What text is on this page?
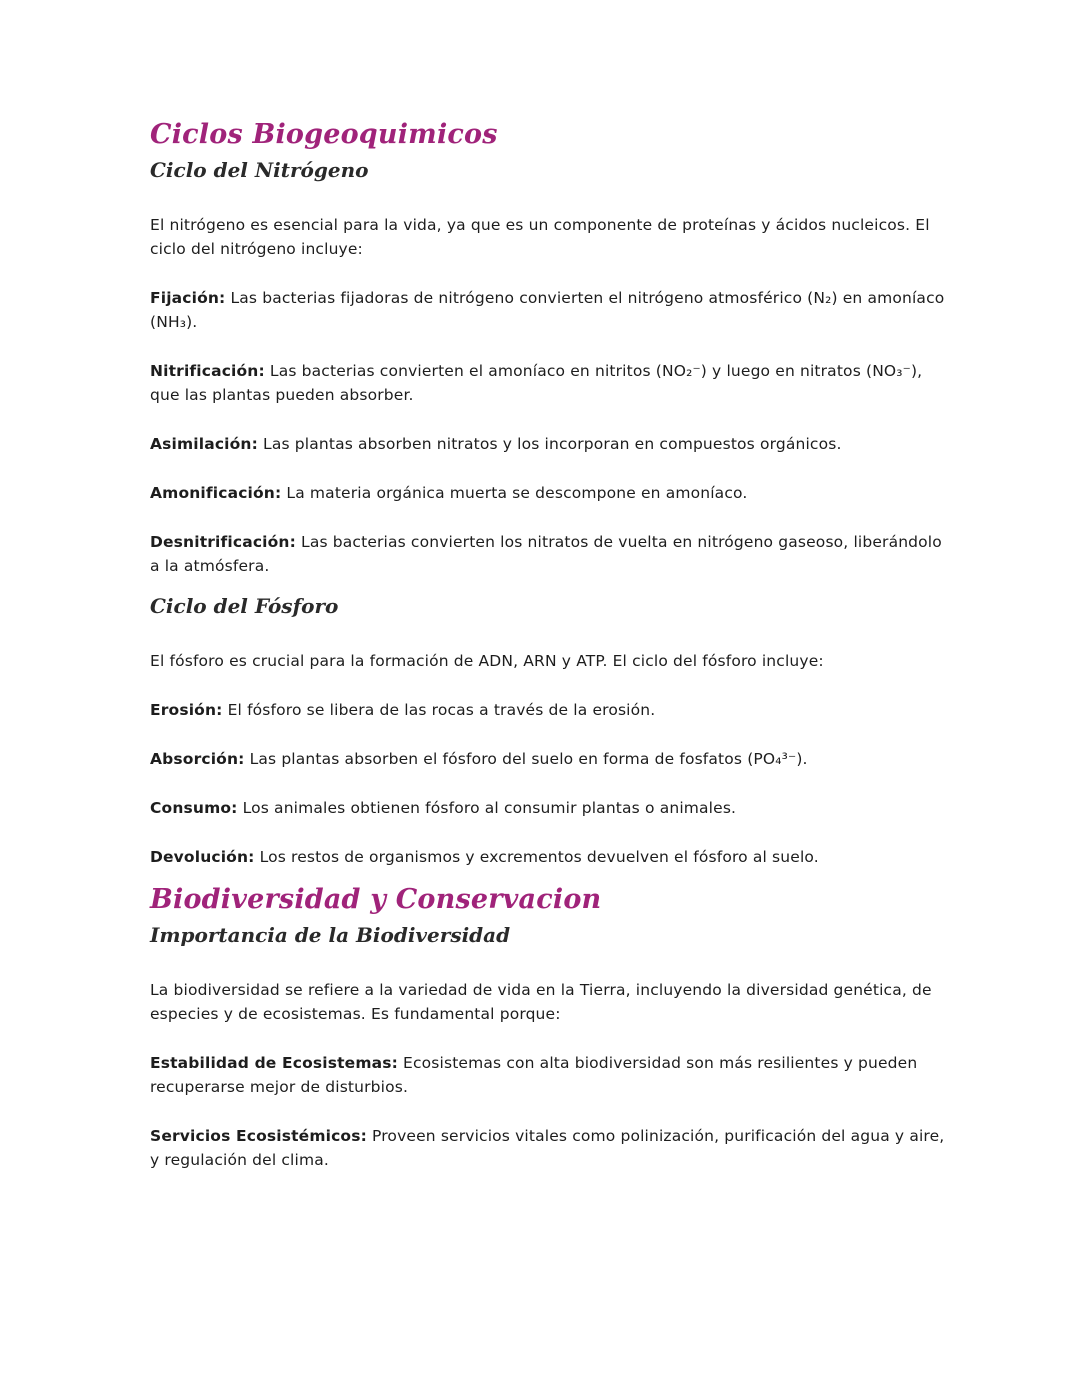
Ciclos Biogeoquimicos
Ciclo del Nitrógeno

El nitrógeno es esencial para la vida, ya que es un componente de proteínas y ácidos nucleicos. El ciclo del nitrógeno incluye:

Fijación: Las bacterias fijadoras de nitrógeno convierten el nitrógeno atmosférico (N₂) en amoníaco (NH₃).

Nitrificación: Las bacterias convierten el amoníaco en nitritos (NO₂⁻) y luego en nitratos (NO₃⁻), que las plantas pueden absorber.

Asimilación: Las plantas absorben nitratos y los incorporan en compuestos orgánicos.

Amonificación: La materia orgánica muerta se descompone en amoníaco.

Desnitrificación: Las bacterias convierten los nitratos de vuelta en nitrógeno gaseoso, liberándolo a la atmósfera.

Ciclo del Fósforo

El fósforo es crucial para la formación de ADN, ARN y ATP. El ciclo del fósforo incluye:

Erosión: El fósforo se libera de las rocas a través de la erosión.

Absorción: Las plantas absorben el fósforo del suelo en forma de fosfatos (PO₄³⁻).

Consumo: Los animales obtienen fósforo al consumir plantas o animales.

Devolución: Los restos de organismos y excrementos devuelven el fósforo al suelo.

Biodiversidad y Conservacion
Importancia de la Biodiversidad

La biodiversidad se refiere a la variedad de vida en la Tierra, incluyendo la diversidad genética, de especies y de ecosistemas. Es fundamental porque:

Estabilidad de Ecosistemas: Ecosistemas con alta biodiversidad son más resilientes y pueden recuperarse mejor de disturbios.

Servicios Ecosistémicos: Proveen servicios vitales como polinización, purificación del agua y aire, y regulación del clima.
